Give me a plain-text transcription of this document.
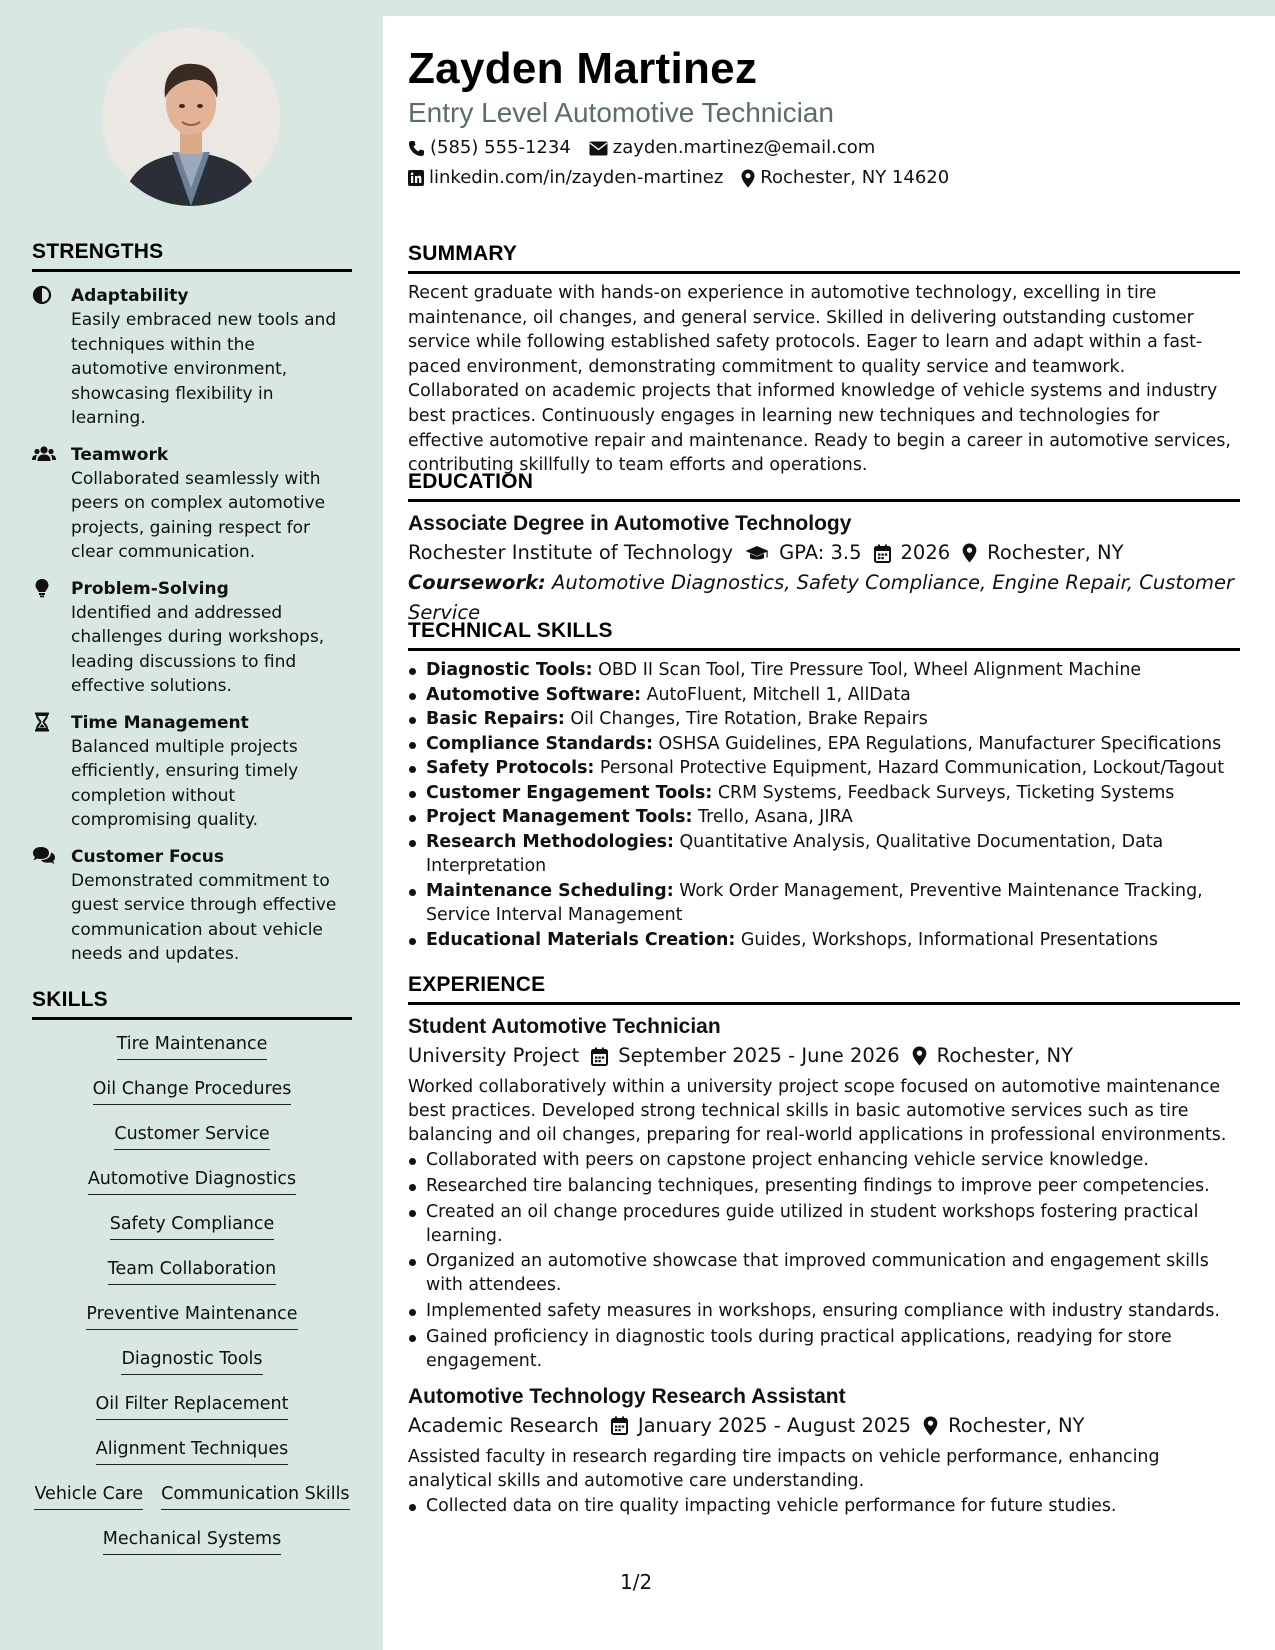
STRENGTHS
Adaptability
Easily embraced new tools and techniques within the automotive environment, showcasing flexibility in learning.
Teamwork
Collaborated seamlessly with peers on complex automotive projects, gaining respect for clear communication.
Problem-Solving
Identified and addressed challenges during workshops, leading discussions to find effective solutions.
Time Management
Balanced multiple projects efficiently, ensuring timely completion without compromising quality.
Customer Focus
Demonstrated commitment to guest service through effective communication about vehicle needs and updates.
SKILLS
Tire Maintenance
Oil Change Procedures
Customer Service
Automotive Diagnostics
Safety Compliance
Team Collaboration
Preventive Maintenance
Diagnostic Tools
Oil Filter Replacement
Alignment Techniques
Vehicle Care Communication Skills
Mechanical Systems
Zayden Martinez
Entry Level Automotive Technician
(585) 555-1234 zayden.martinez@email.com
linkedin.com/in/zayden-martinez Rochester, NY 14620
SUMMARY
Recent graduate with hands-on experience in automotive technology, excelling in tire maintenance, oil changes, and general service. Skilled in delivering outstanding customer service while following established safety protocols. Eager to learn and adapt within a fast-paced environment, demonstrating commitment to quality service and teamwork. Collaborated on academic projects that informed knowledge of vehicle systems and industry best practices. Continuously engages in learning new techniques and technologies for effective automotive repair and maintenance. Ready to begin a career in automotive services, contributing skillfully to team efforts and operations.
EDUCATION
Associate Degree in Automotive Technology
Rochester Institute of Technology GPA: 3.5 2026 Rochester, NY
Coursework: Automotive Diagnostics, Safety Compliance, Engine Repair, Customer Service
TECHNICAL SKILLS
Diagnostic Tools: OBD II Scan Tool, Tire Pressure Tool, Wheel Alignment Machine
Automotive Software: AutoFluent, Mitchell 1, AllData
Basic Repairs: Oil Changes, Tire Rotation, Brake Repairs
Compliance Standards: OSHSA Guidelines, EPA Regulations, Manufacturer Specifications
Safety Protocols: Personal Protective Equipment, Hazard Communication, Lockout/Tagout
Customer Engagement Tools: CRM Systems, Feedback Surveys, Ticketing Systems
Project Management Tools: Trello, Asana, JIRA
Research Methodologies: Quantitative Analysis, Qualitative Documentation, Data Interpretation
Maintenance Scheduling: Work Order Management, Preventive Maintenance Tracking, Service Interval Management
Educational Materials Creation: Guides, Workshops, Informational Presentations
EXPERIENCE
Student Automotive Technician
University Project September 2025 - June 2026 Rochester, NY
Worked collaboratively within a university project scope focused on automotive maintenance best practices. Developed strong technical skills in basic automotive services such as tire balancing and oil changes, preparing for real-world applications in professional environments.
Collaborated with peers on capstone project enhancing vehicle service knowledge.
Researched tire balancing techniques, presenting findings to improve peer competencies.
Created an oil change procedures guide utilized in student workshops fostering practical learning.
Organized an automotive showcase that improved communication and engagement skills with attendees.
Implemented safety measures in workshops, ensuring compliance with industry standards.
Gained proficiency in diagnostic tools during practical applications, readying for store engagement.
Automotive Technology Research Assistant
Academic Research January 2025 - August 2025 Rochester, NY
Assisted faculty in research regarding tire impacts on vehicle performance, enhancing analytical skills and automotive care understanding.
Collected data on tire quality impacting vehicle performance for future studies.
1/2
